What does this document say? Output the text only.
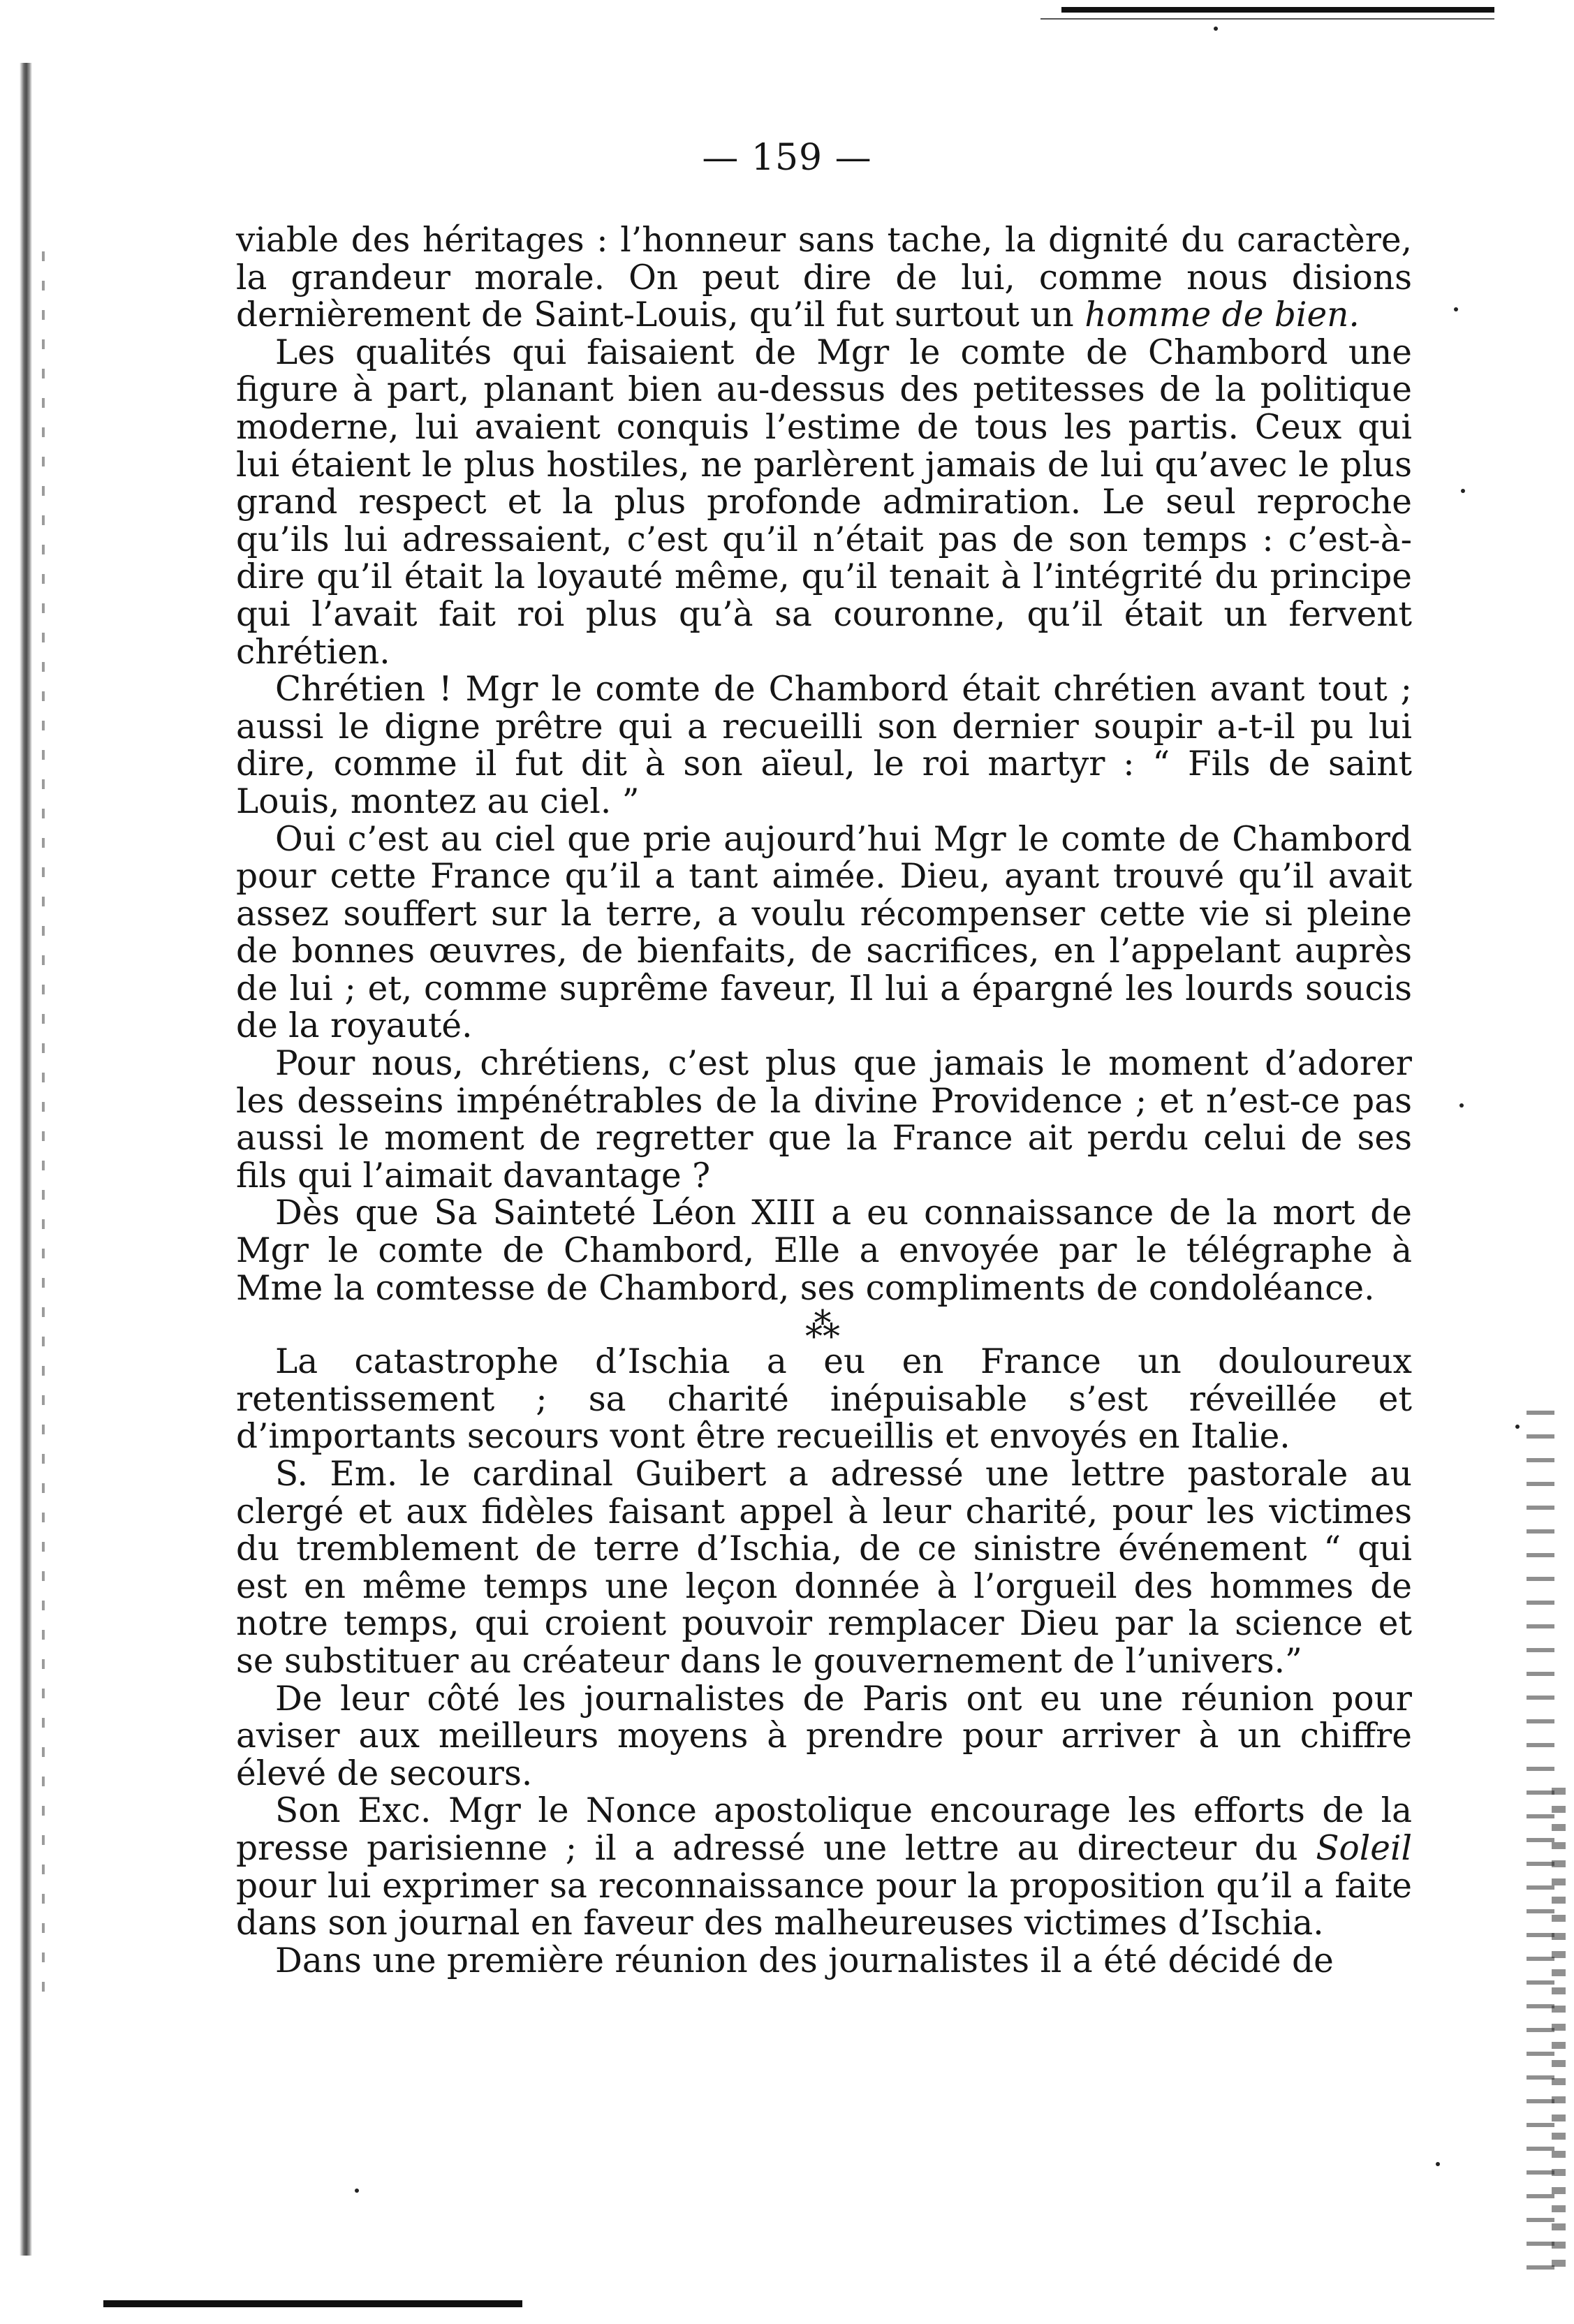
— 159 —

viable des héritages : l’honneur sans tache, la dignité du caractère, la grandeur morale. On peut dire de lui, comme nous disions dernièrement de Saint-Louis, qu’il fut surtout un homme de bien.

Les qualités qui faisaient de Mgr le comte de Chambord une figure à part, planant bien au-dessus des petitesses de la politique moderne, lui avaient conquis l’estime de tous les partis. Ceux qui lui étaient le plus hostiles, ne parlèrent jamais de lui qu’avec le plus grand respect et la plus profonde admiration. Le seul reproche qu’ils lui adressaient, c’est qu’il n’était pas de son temps : c’est-à-dire qu’il était la loyauté même, qu’il tenait à l’intégrité du principe qui l’avait fait roi plus qu’à sa couronne, qu’il était un fervent chrétien.

Chrétien ! Mgr le comte de Chambord était chrétien avant tout ; aussi le digne prêtre qui a recueilli son dernier soupir a-t-il pu lui dire, comme il fut dit à son aïeul, le roi martyr : “ Fils de saint Louis, montez au ciel. ”

Oui c’est au ciel que prie aujourd’hui Mgr le comte de Chambord pour cette France qu’il a tant aimée. Dieu, ayant trouvé qu’il avait assez souffert sur la terre, a voulu récompenser cette vie si pleine de bonnes œuvres, de bienfaits, de sacrifices, en l’appelant auprès de lui ; et, comme suprême faveur, Il lui a épargné les lourds soucis de la royauté.

Pour nous, chrétiens, c’est plus que jamais le moment d’adorer les desseins impénétrables de la divine Providence ; et n’est-ce pas aussi le moment de regretter que la France ait perdu celui de ses fils qui l’aimait davantage ?

Dès que Sa Sainteté Léon XIII a eu connaissance de la mort de Mgr le comte de Chambord, Elle a envoyée par le télégraphe à Mme la comtesse de Chambord, ses compliments de condoléance.

⁂

La catastrophe d’Ischia a eu en France un douloureux retentissement ; sa charité inépuisable s’est réveillée et d’importants secours vont être recueillis et envoyés en Italie.

S. Em. le cardinal Guibert a adressé une lettre pastorale au clergé et aux fidèles faisant appel à leur charité, pour les victimes du tremblement de terre d’Ischia, de ce sinistre événement “ qui est en même temps une leçon donnée à l’orgueil des hommes de notre temps, qui croient pouvoir remplacer Dieu par la science et se substituer au créateur dans le gouvernement de l’univers.”

De leur côté les journalistes de Paris ont eu une réunion pour aviser aux meilleurs moyens à prendre pour arriver à un chiffre élevé de secours.

Son Exc. Mgr le Nonce apostolique encourage les efforts de la presse parisienne ; il a adressé une lettre au directeur du Soleil pour lui exprimer sa reconnaissance pour la proposition qu’il a faite dans son journal en faveur des malheureuses victimes d’Ischia.

Dans une première réunion des journalistes il a été décidé de
